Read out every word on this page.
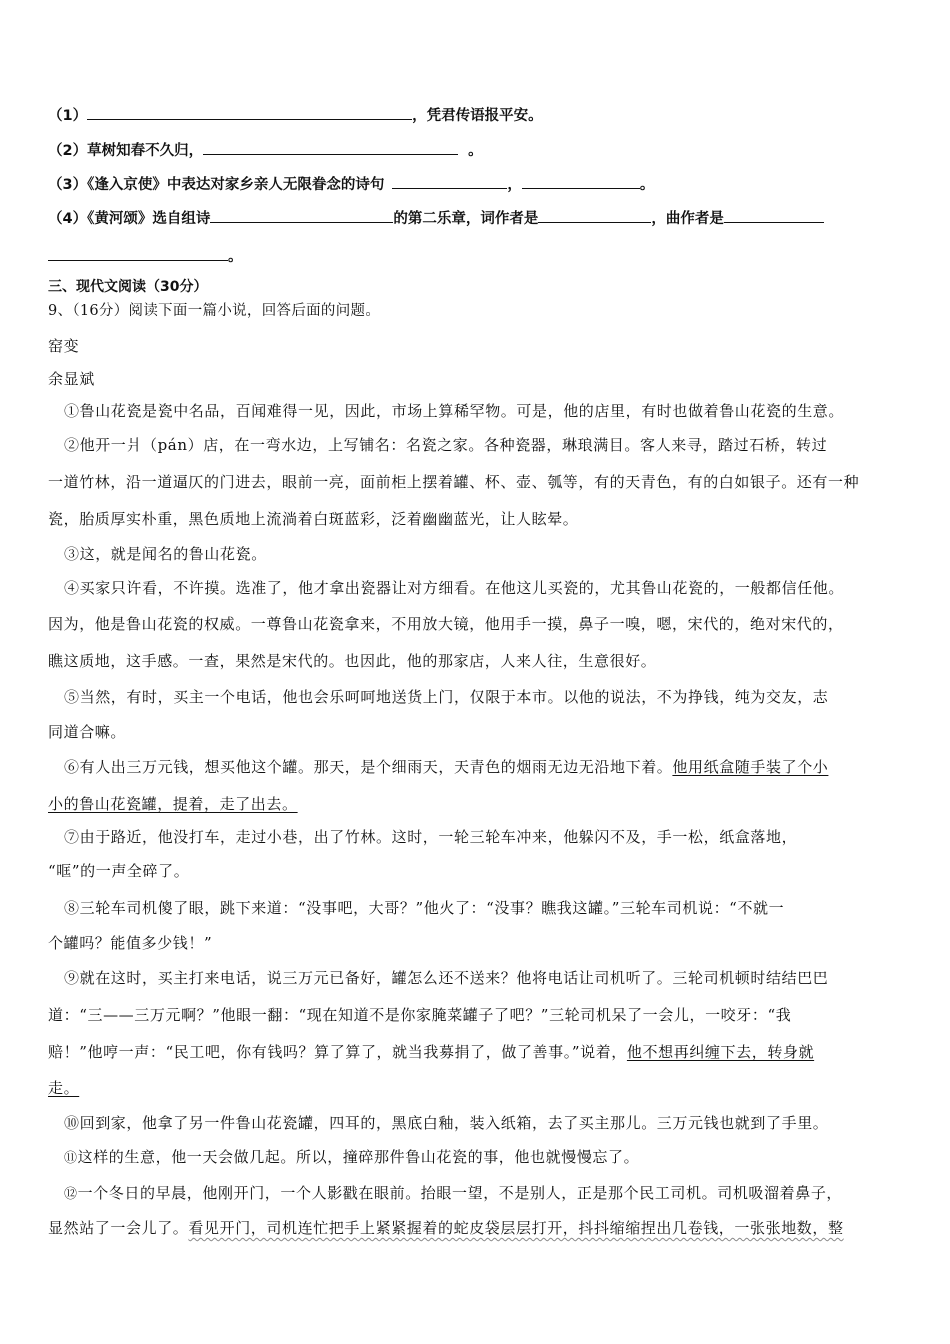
（1）	，凭君传语报平安。
（2）草树知春不久归，	。
（3）《逢入京使》中表达对家乡亲人无限眷念的诗句	，	。
（4）《黄河颂》选自组诗	的第二乐章，词作者是	，曲作者是
。
三、现代文阅读（30分）
9、（16分）阅读下面一篇小说，回答后面的问题。
窑变
余显斌
①鲁山花瓷是瓷中名品，百闻难得一见，因此，市场上算稀罕物。可是，他的店里，有时也做着鲁山花瓷的生意。
②他开一爿（pán）店，在一弯水边，上写铺名：名瓷之家。各种瓷器，琳琅满目。客人来寻，踏过石桥，转过
一道竹林，沿一道逼仄的门进去，眼前一亮，面前柜上摆着罐、杯、壶、瓠等，有的天青色，有的白如银子。还有一种
瓷，胎质厚实朴重，黑色质地上流淌着白斑蓝彩，泛着幽幽蓝光，让人眩晕。
③这，就是闻名的鲁山花瓷。
④买家只许看，不许摸。选准了，他才拿出瓷器让对方细看。在他这儿买瓷的，尤其鲁山花瓷的，一般都信任他。
因为，他是鲁山花瓷的权威。一尊鲁山花瓷拿来，不用放大镜，他用手一摸，鼻子一嗅，嗯，宋代的，绝对宋代的，
瞧这质地，这手感。一查，果然是宋代的。也因此，他的那家店，人来人往，生意很好。
⑤当然，有时，买主一个电话，他也会乐呵呵地送货上门，仅限于本市。以他的说法，不为挣钱，纯为交友，志
同道合嘛。
⑥有人出三万元钱，想买他这个罐。那天，是个细雨天，天青色的烟雨无边无沿地下着。他用纸盒随手装了个小
小的鲁山花瓷罐，提着，走了出去。
⑦由于路近，他没打车，走过小巷，出了竹林。这时，一轮三轮车冲来，他躲闪不及，手一松，纸盒落地，
“哐”的一声全碎了。
⑧三轮车司机傻了眼，跳下来道：“没事吧，大哥？”他火了：“没事？瞧我这罐。”三轮车司机说：“不就一
个罐吗？能值多少钱！”
⑨就在这时，买主打来电话，说三万元已备好，罐怎么还不送来？他将电话让司机听了。三轮司机顿时结结巴巴
道：“三——三万元啊？”他眼一翻：“现在知道不是你家腌菜罐子了吧？”三轮司机呆了一会儿，一咬牙：“我
赔！”他哼一声：“民工吧，你有钱吗？算了算了，就当我募捐了，做了善事。”说着，他不想再纠缠下去，转身就
走。
⑩回到家，他拿了另一件鲁山花瓷罐，四耳的，黑底白釉，装入纸箱，去了买主那儿。三万元钱也就到了手里。
⑪这样的生意，他一天会做几起。所以，撞碎那件鲁山花瓷的事，他也就慢慢忘了。
⑫一个冬日的早晨，他刚开门，一个人影戳在眼前。抬眼一望，不是别人，正是那个民工司机。司机吸溜着鼻子，
显然站了一会儿了。看见开门，司机连忙把手上紧紧握着的蛇皮袋层层打开，抖抖缩缩捏出几卷钱，一张张地数，整
